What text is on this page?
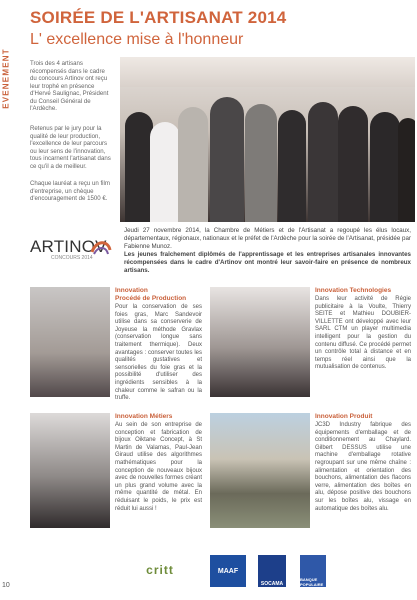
EVENEMENT
SOIRÉE DE L'ARTISANAT 2014
L' excellence mise à l'honneur
Trois des 4 artisans récompensés dans le cadre du concours Artinov ont reçu leur trophé en présence d'Hervé Saulignac, Président du Conseil Général de l'Ardèche.
Retenus par le jury pour la qualité de leur production, l'excellence de leur parcours ou leur sens de l'innovation, tous incarnent l'artisanat dans ce qu'il a de meilleur.
Chaque lauréat a reçu un film d'entreprise, un chèque d'encouragement de 1500 €.
ARTINOV
CONCOURS 2014
Jeudi 27 novembre 2014, la Chambre de Métiers et de l'Artisanat a regoupé les élus locaux, départementaux, régionaux, nationaux et le préfet de l'Ardèche pour la soirée de l'Artisanat, présidée par Fabienne Munoz.
Les jeunes fraîchement diplômés de l'apprentissage et les entreprises artisanales innovantes récompensées dans le cadre d'Artinov ont montré leur savoir-faire en présence de nombreux artisans.
Innovation
Procédé de Production
Pour la conservation de ses foies gras, Marc Sandevoir utilise dans sa conserverie de Joyeuse la méthode Gravlax (conservation longue sans traitement thermique). Deux avantages : conserver toutes les qualités gustatives et sensorielles du foie gras et la possibilité d'utiliser des ingrédients sensibles à la chaleur comme le safran ou la truffe.
Innovation Technologies
Dans leur activité de Régie publicitaire à la Voulte, Thierry SEITE et Mathieu DOUBIER-VILLETTE ont développé avec leur SARL CTM un player multimedia intelligent pour la gestion du contenu diffusé. Ce procédé permet un contrôle total à distance et en temps réel ainsi que la mutualisation de contenus.
Innovation Métiers
Au sein de son entreprise de conception et fabrication de bijoux Oiktane Concept, à St Martin de Valamas, Paul-Jean Giraud utilise des algorithmes mathématiques pour la conception de nouveaux bijoux avec de nouvelles formes créant un plus grand volume avec la même quantité de métal. En réduisant le poids, le prix est réduit lui aussi !
Innovation Produit
JC3D Industry fabrique des équipements d'emballage et de conditionnement au Chaylard. Gilbert DESSUS utilise une machine d'emballage rotative regroupant sur une même chaîne : alimentation et orientation des bouchons, alimentation des flacons verre, alimentation des boîtes en alu, dépose positive des bouchons sur les boîtes alu, vissage en automatique des boîtes alu.
critt	MAAF
SOCAMA
BANQUE POPULAIRE
10
